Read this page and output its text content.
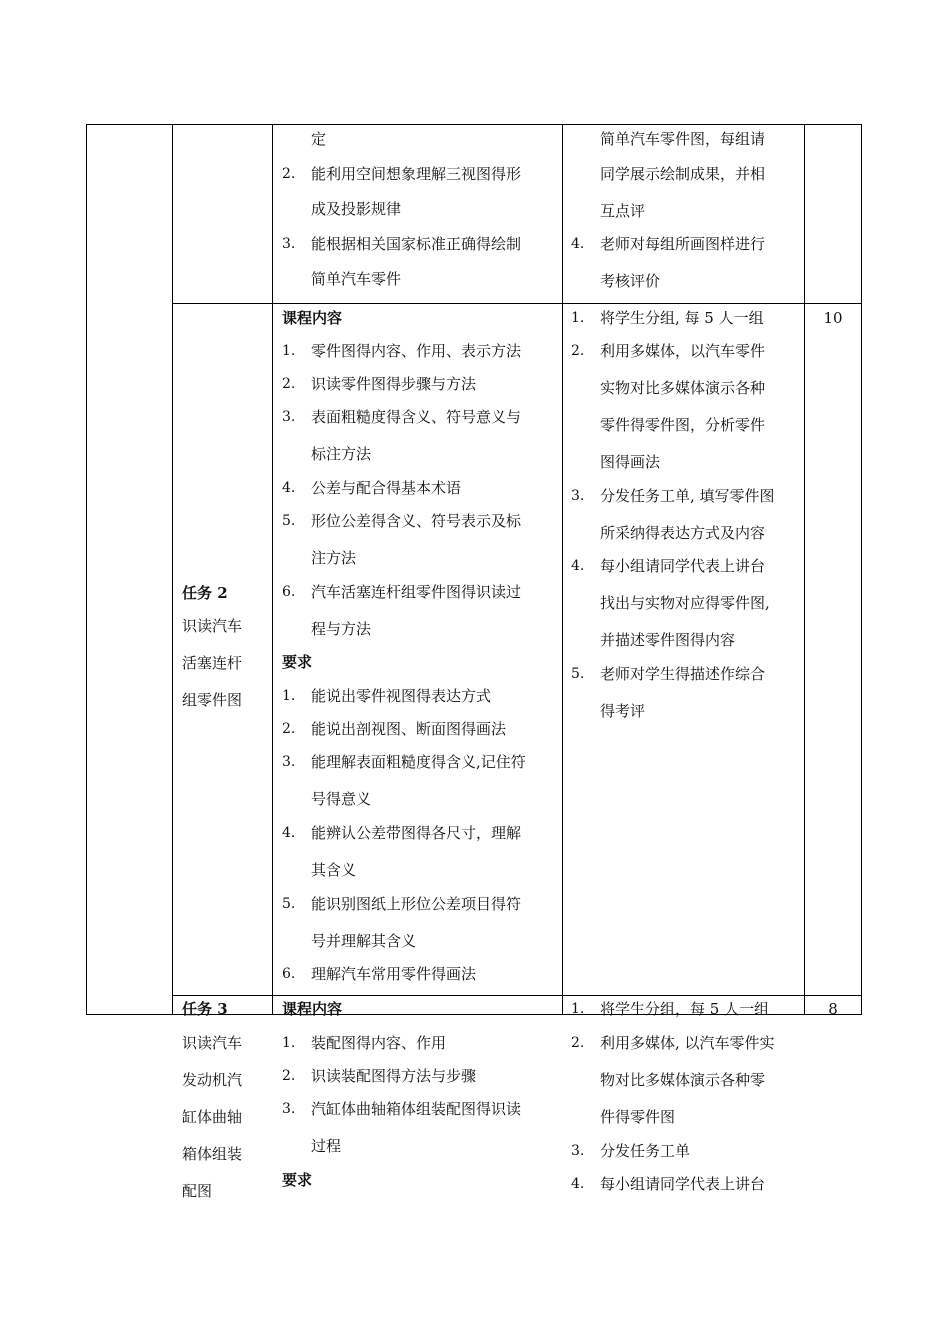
定
2. 能利用空间想象理解三视图得形
成及投影规律
3. 能根据相关国家标准正确得绘制
简单汽车零件
简单汽车零件图，每组请
同学展示绘制成果，并相
互点评
4. 老师对每组所画图样进行
考核评价
任务 2
识读汽车
活塞连杆
组零件图
课程内容
1. 零件图得内容、作用、表示方法
2. 识读零件图得步骤与方法
3. 表面粗糙度得含义、符号意义与
标注方法
4. 公差与配合得基本术语
5. 形位公差得含义、符号表示及标
注方法
6. 汽车活塞连杆组零件图得识读过
程与方法
要求
1. 能说出零件视图得表达方式
2. 能说出剖视图、断面图得画法
3. 能理解表面粗糙度得含义,记住符
号得意义
4. 能辨认公差带图得各尺寸，理解
其含义
5. 能识别图纸上形位公差项目得符
号并理解其含义
6. 理解汽车常用零件得画法
1. 将学生分组, 每 5 人一组
2. 利用多媒体，以汽车零件
实物对比多媒体演示各种
零件得零件图，分析零件
图得画法
3. 分发任务工单, 填写零件图
所采纳得表达方式及内容
4. 每小组请同学代表上讲台
找出与实物对应得零件图,
并描述零件图得内容
5. 老师对学生得描述作综合
得考评
10
任务 3
识读汽车
发动机汽
缸体曲轴
箱体组装
配图
课程内容
1. 装配图得内容、作用
2. 识读装配图得方法与步骤
3. 汽缸体曲轴箱体组装配图得识读
过程
要求
1. 将学生分组，每 5 人一组
2. 利用多媒体, 以汽车零件实
物对比多媒体演示各种零
件得零件图
3. 分发任务工单
4. 每小组请同学代表上讲台
8
